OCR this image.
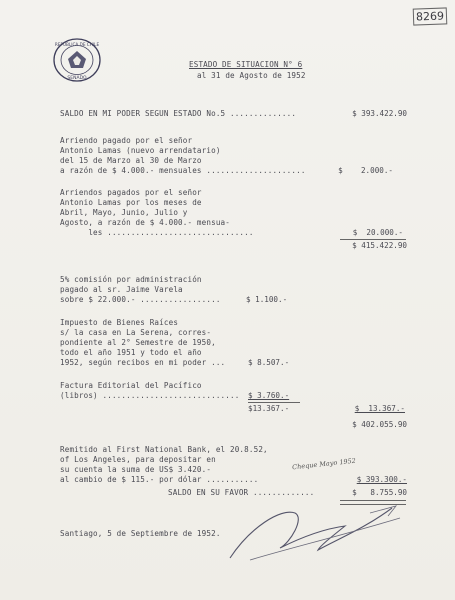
8269
REPUBLICA DE CHILE
SENADO
ESTADO DE SITUACION N° 6
al 31 de Agosto de 1952
SALDO EN MI PODER SEGUN ESTADO No.5 ..............	$ 393.422.90
Arriendo pagado por el señor
Antonio Lamas (nuevo arrendatario)
del 15 de Marzo al 30 de Marzo
a razón de $ 4.000.- mensuales .....................	$    2.000.-
Arriendos pagados por el señor
Antonio Lamas por los meses de
Abril, Mayo, Junio, Julio y
Agosto, a razón de $ 4.000.- mensua-
les ...............................	$  20.000.-
$ 415.422.90
5% comisión por administración
pagado al sr. Jaime Varela
sobre $ 22.000.- .................	$ 1.100.-
Impuesto de Bienes Raíces
s/ la casa en La Serena, corres-
pondiente al 2° Semestre de 1950,
todo el año 1951 y todo el año
1952, según recibos en mi poder ...	$ 8.507.-
Factura Editorial del Pacífico
(libros) ............................. $ 3.760.-
$13.367.-	$  13.367.-
$ 402.055.90
Remitido al First National Bank, el 20.8.52,
of Los Angeles, para depositar en
su cuenta la suma de US$ 3.420.-
al cambio de $ 115.- por dólar ...........	$ 393.300.-
Cheque Mayo 1952
SALDO EN SU FAVOR .............	$   8.755.90
Santiago, 5 de Septiembre de 1952.
